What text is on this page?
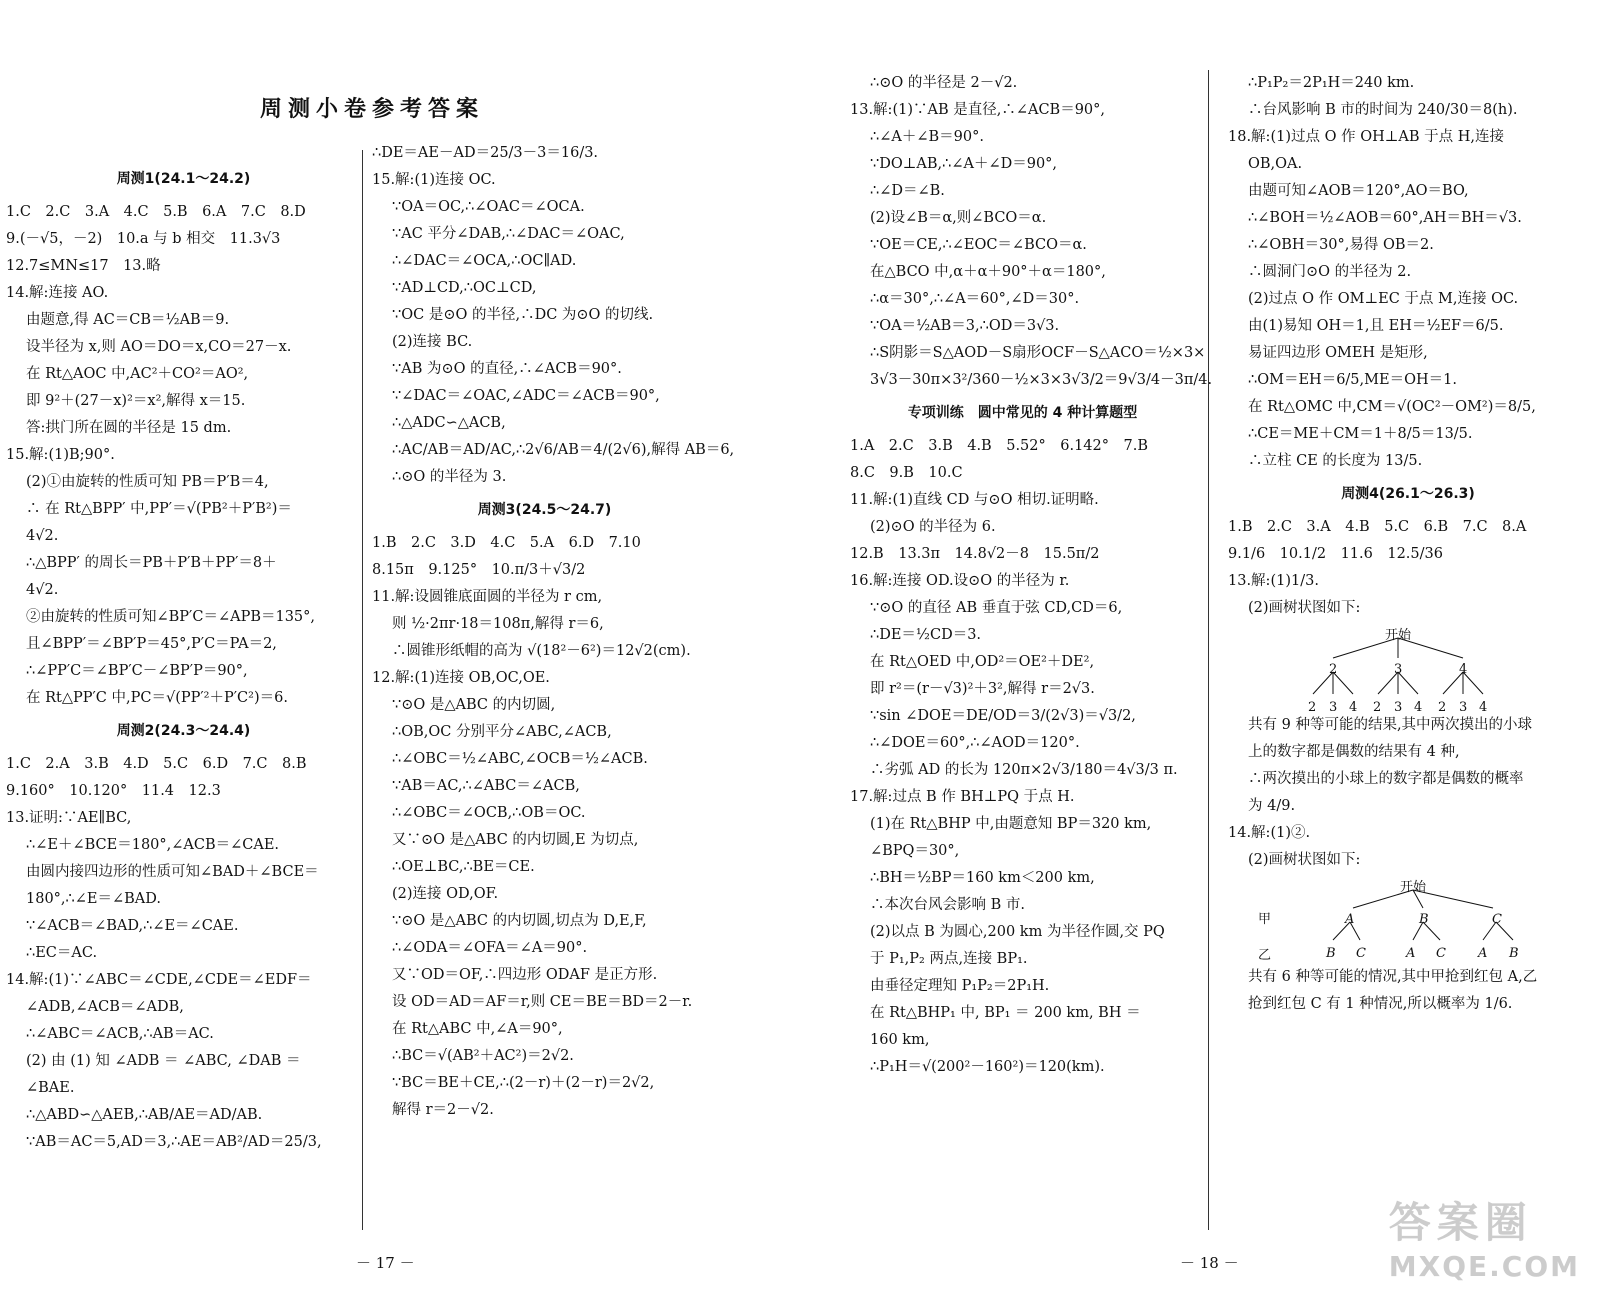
周测小卷参考答案
周测1(24.1～24.2)
1.C　2.C　3.A　4.C　5.B　6.A　7.C　8.D
9.(－√5，－2)　10.a 与 b 相交　11.3√3
12.7≤MN≤17　13.略
14.解:连接 AO.
由题意,得 AC＝CB＝½AB＝9.
设半径为 x,则 AO＝DO＝x,CO＝27－x.
在 Rt△AOC 中,AC²＋CO²＝AO²,
即 9²＋(27－x)²＝x²,解得 x＝15.
答:拱门所在圆的半径是 15 dm.
15.解:(1)B;90°.
(2)①由旋转的性质可知 PB＝P′B＝4,
∴ 在 Rt△BPP′ 中,PP′＝√(PB²＋P′B²)＝
4√2.
∴△BPP′ 的周长＝PB＋P′B＋PP′＝8＋
4√2.
②由旋转的性质可知∠BP′C＝∠APB＝135°,
且∠BPP′＝∠BP′P＝45°,P′C＝PA＝2,
∴∠PP′C＝∠BP′C－∠BP′P＝90°,
在 Rt△PP′C 中,PC＝√(PP′²＋P′C²)＝6.
周测2(24.3～24.4)
1.C　2.A　3.B　4.D　5.C　6.D　7.C　8.B
9.160°　10.120°　11.4　12.3
13.证明:∵AE∥BC,
∴∠E＋∠BCE＝180°,∠ACB＝∠CAE.
由圆内接四边形的性质可知∠BAD＋∠BCE＝
180°,∴∠E＝∠BAD.
∵∠ACB＝∠BAD,∴∠E＝∠CAE.
∴EC＝AC.
14.解:(1)∵∠ABC＝∠CDE,∠CDE＝∠EDF＝
∠ADB,∠ACB＝∠ADB,
∴∠ABC＝∠ACB,∴AB＝AC.
(2) 由 (1) 知 ∠ADB ＝ ∠ABC, ∠DAB ＝
∠BAE.
∴△ABD∽△AEB,∴AB/AE＝AD/AB.
∵AB＝AC＝5,AD＝3,∴AE＝AB²/AD＝25/3,
∴DE＝AE－AD＝25/3－3＝16/3.
15.解:(1)连接 OC.
∵OA＝OC,∴∠OAC＝∠OCA.
∵AC 平分∠DAB,∴∠DAC＝∠OAC,
∴∠DAC＝∠OCA,∴OC∥AD.
∵AD⊥CD,∴OC⊥CD,
∵OC 是⊙O 的半径,∴DC 为⊙O 的切线.
(2)连接 BC.
∵AB 为⊙O 的直径,∴∠ACB＝90°.
∵∠DAC＝∠OAC,∠ADC＝∠ACB＝90°,
∴△ADC∽△ACB,
∴AC/AB＝AD/AC,∴2√6/AB＝4/(2√6),解得 AB＝6,
∴⊙O 的半径为 3.
周测3(24.5～24.7)
1.B　2.C　3.D　4.C　5.A　6.D　7.10
8.15π　9.125°　10.π/3＋√3/2
11.解:设圆锥底面圆的半径为 r cm,
则 ½·2πr·18＝108π,解得 r＝6,
∴圆锥形纸帽的高为 √(18²－6²)＝12√2(cm).
12.解:(1)连接 OB,OC,OE.
∵⊙O 是△ABC 的内切圆,
∴OB,OC 分别平分∠ABC,∠ACB,
∴∠OBC＝½∠ABC,∠OCB＝½∠ACB.
∵AB＝AC,∴∠ABC＝∠ACB,
∴∠OBC＝∠OCB,∴OB＝OC.
又∵⊙O 是△ABC 的内切圆,E 为切点,
∴OE⊥BC,∴BE＝CE.
(2)连接 OD,OF.
∵⊙O 是△ABC 的内切圆,切点为 D,E,F,
∴∠ODA＝∠OFA＝∠A＝90°.
又∵OD＝OF,∴四边形 ODAF 是正方形.
设 OD＝AD＝AF＝r,则 CE＝BE＝BD＝2－r.
在 Rt△ABC 中,∠A＝90°,
∴BC＝√(AB²＋AC²)＝2√2.
∵BC＝BE＋CE,∴(2－r)＋(2－r)＝2√2,
解得 r＝2－√2.
∴⊙O 的半径是 2－√2.
13.解:(1)∵AB 是直径,∴∠ACB＝90°,
∴∠A＋∠B＝90°.
∵DO⊥AB,∴∠A＋∠D＝90°,
∴∠D＝∠B.
(2)设∠B＝α,则∠BCO＝α.
∵OE＝CE,∴∠EOC＝∠BCO＝α.
在△BCO 中,α＋α＋90°＋α＝180°,
∴α＝30°,∴∠A＝60°,∠D＝30°.
∵OA＝½AB＝3,∴OD＝3√3.
∴S阴影＝S△AOD－S扇形OCF－S△ACO＝½×3×
3√3－30π×3²/360－½×3×3√3/2＝9√3/4－3π/4.
专项训练　圆中常见的 4 种计算题型
1.A　2.C　3.B　4.B　5.52°　6.142°　7.B
8.C　9.B　10.C
11.解:(1)直线 CD 与⊙O 相切.证明略.
(2)⊙O 的半径为 6.
12.B　13.3π　14.8√2－8　15.5π/2
16.解:连接 OD.设⊙O 的半径为 r.
∵⊙O 的直径 AB 垂直于弦 CD,CD＝6,
∴DE＝½CD＝3.
在 Rt△OED 中,OD²＝OE²＋DE²,
即 r²＝(r－√3)²＋3²,解得 r＝2√3.
∵sin ∠DOE＝DE/OD＝3/(2√3)＝√3/2,
∴∠DOE＝60°,∴∠AOD＝120°.
∴劣弧 AD 的长为 120π×2√3/180＝4√3/3 π.
17.解:过点 B 作 BH⊥PQ 于点 H.
(1)在 Rt△BHP 中,由题意知 BP＝320 km,
∠BPQ＝30°,
∴BH＝½BP＝160 km＜200 km,
∴本次台风会影响 B 市.
(2)以点 B 为圆心,200 km 为半径作圆,交 PQ
于 P₁,P₂ 两点,连接 BP₁.
由垂径定理知 P₁P₂＝2P₁H.
在 Rt△BHP₁ 中, BP₁ ＝ 200 km, BH ＝
160 km,
∴P₁H＝√(200²－160²)＝120(km).
∴P₁P₂＝2P₁H＝240 km.
∴台风影响 B 市的时间为 240/30＝8(h).
18.解:(1)过点 O 作 OH⊥AB 于点 H,连接
OB,OA.
由题可知∠AOB＝120°,AO＝BO,
∴∠BOH＝½∠AOB＝60°,AH＝BH＝√3.
∴∠OBH＝30°,易得 OB＝2.
∴圆洞门⊙O 的半径为 2.
(2)过点 O 作 OM⊥EC 于点 M,连接 OC.
由(1)易知 OH＝1,且 EH＝½EF＝6/5.
易证四边形 OMEH 是矩形,
∴OM＝EH＝6/5,ME＝OH＝1.
在 Rt△OMC 中,CM＝√(OC²－OM²)＝8/5,
∴CE＝ME＋CM＝1＋8/5＝13/5.
∴立柱 CE 的长度为 13/5.
周测4(26.1～26.3)
1.B　2.C　3.A　4.B　5.C　6.B　7.C　8.A
9.1/6　10.1/2　11.6　12.5/36
13.解:(1)1/3.
(2)画树状图如下:
开始
2	3	4
2 3 4 2 3 4 2 3 4
共有 9 种等可能的结果,其中两次摸出的小球
上的数字都是偶数的结果有 4 种,
∴两次摸出的小球上的数字都是偶数的概率
为 4/9.
14.解:(1)②.
(2)画树状图如下:
开始
甲
乙
A	B	C
B C	A C A B
共有 6 种等可能的情况,其中甲抢到红包 A,乙
抢到红包 C 有 1 种情况,所以概率为 1/6.
－ 17 －	－ 18 －
答案圈
MXQE.COM
